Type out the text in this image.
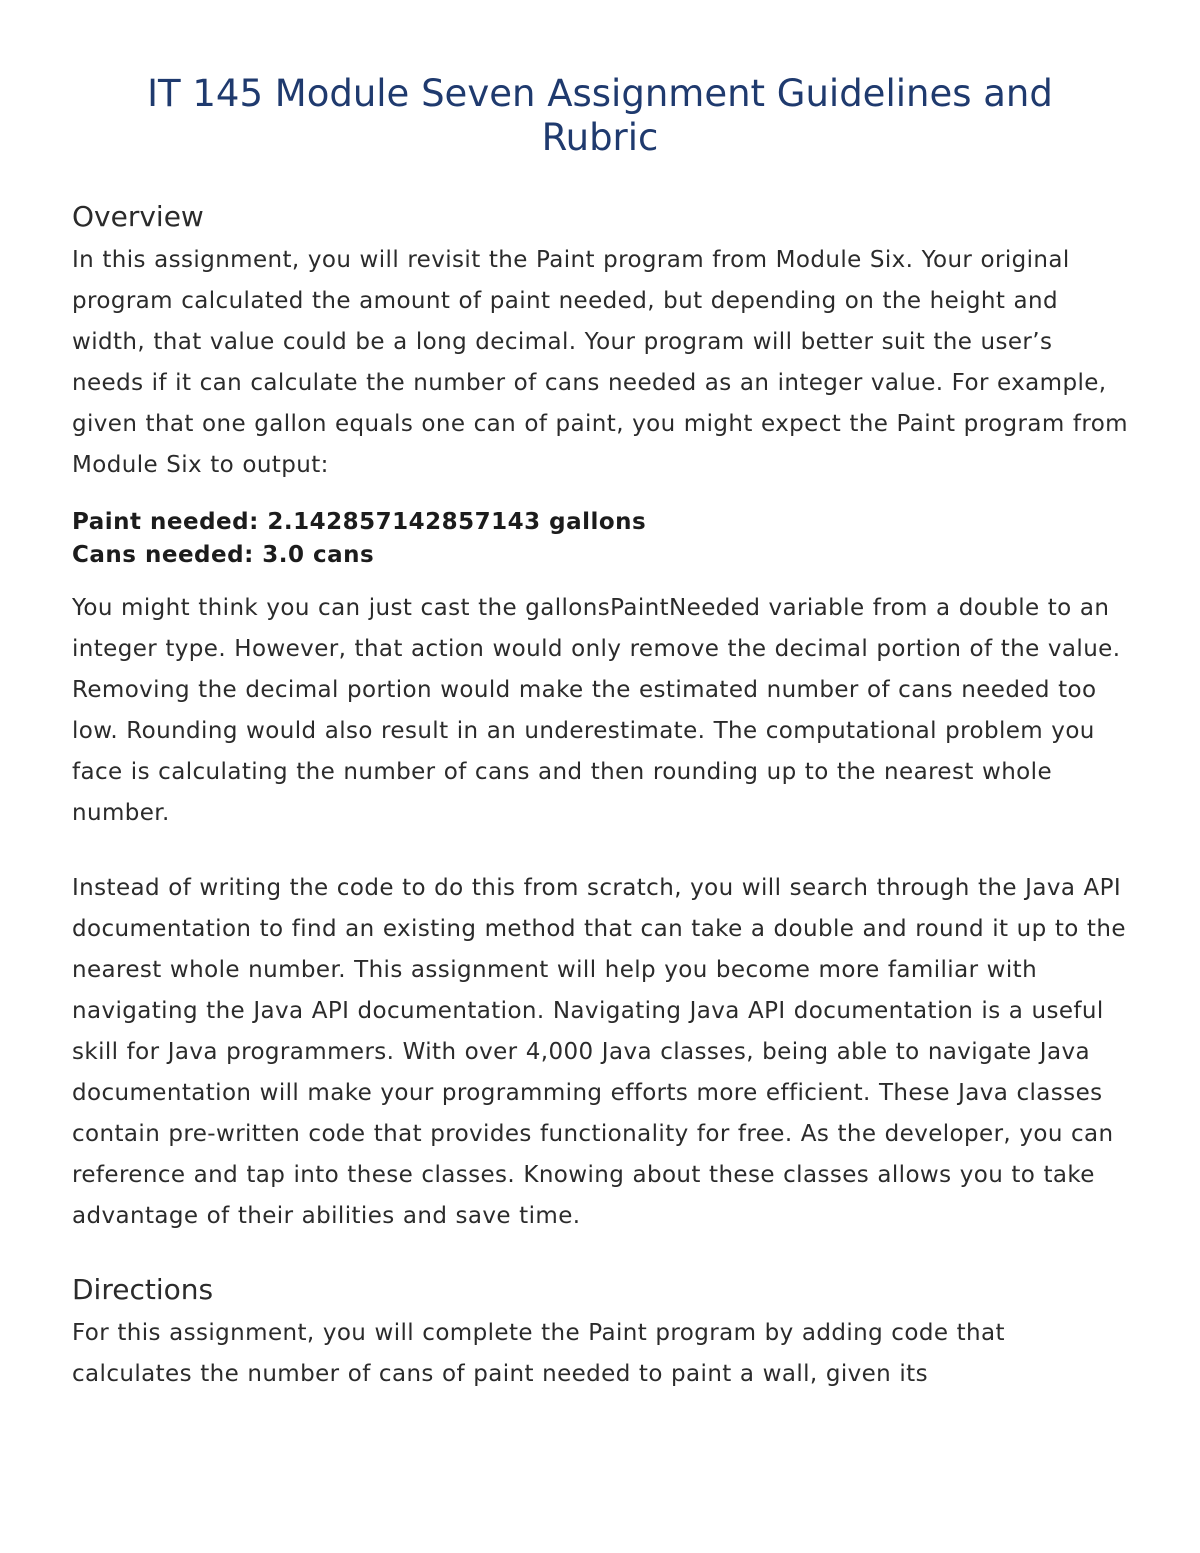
IT 145 Module Seven Assignment Guidelines and Rubric
Overview

In this assignment, you will revisit the Paint program from Module Six. Your original program calculated the amount of paint needed, but depending on the height and width, that value could be a long decimal. Your program will better suit the user’s needs if it can calculate the number of cans needed as an integer value. For example, given that one gallon equals one can of paint, you might expect the Paint program from Module Six to output:

Paint needed: 2.142857142857143 gallons
Cans needed: 3.0 cans

You might think you can just cast the gallonsPaintNeeded variable from a double to an integer type. However, that action would only remove the decimal portion of the value. Removing the decimal portion would make the estimated number of cans needed too low. Rounding would also result in an underestimate. The computational problem you face is calculating the number of cans and then rounding up to the nearest whole number.

Instead of writing the code to do this from scratch, you will search through the Java API documentation to find an existing method that can take a double and round it up to the nearest whole number. This assignment will help you become more familiar with navigating the Java API documentation. Navigating Java API documentation is a useful skill for Java programmers. With over 4,000 Java classes, being able to navigate Java documentation will make your programming efforts more efficient. These Java classes contain pre-written code that provides functionality for free. As the developer, you can reference and tap into these classes. Knowing about these classes allows you to take advantage of their abilities and save time.

Directions

For this assignment, you will complete the Paint program by adding code that calculates the number of cans of paint needed to paint a wall, given its
